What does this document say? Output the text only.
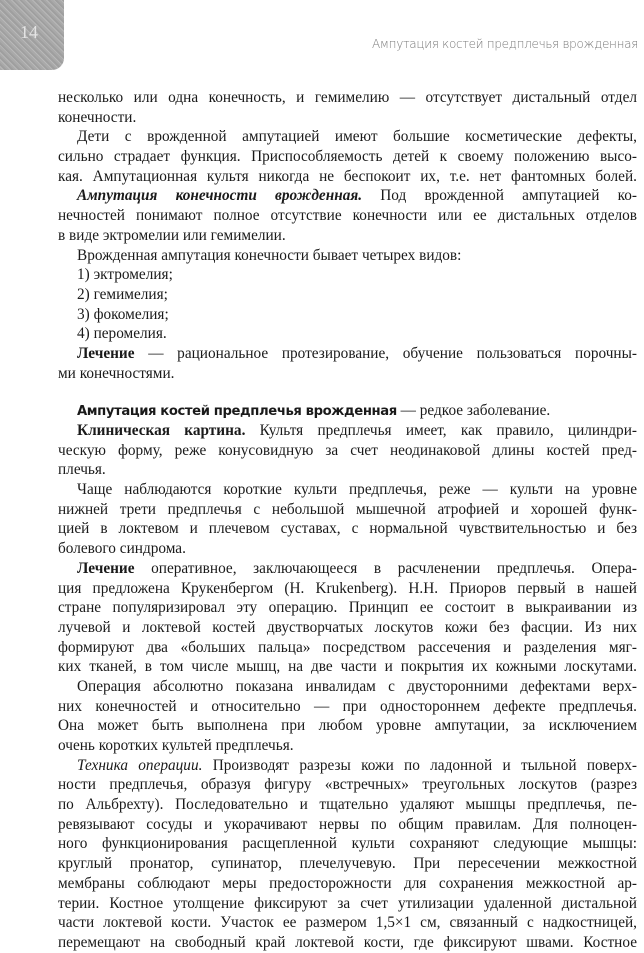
14
Ампутация костей предплечья врожденная
несколько или одна конечность, и гемимелию — отсутствует дистальный отдел
конечности.
Дети с врожденной ампутацией имеют большие косметические дефекты,
сильно страдает функция. Приспособляемость детей к своему положению высо-
кая. Ампутационная культя никогда не беспокоит их, т.е. нет фантомных болей.
Ампутация конечности врожденная. Под врожденной ампутацией ко-
нечностей понимают полное отсутствие конечности или ее дистальных отделов
в виде эктромелии или гемимелии.
Врожденная ампутация конечности бывает четырех видов:
1) эктромелия;
2) гемимелия;
3) фокомелия;
4) перомелия.
Лечение — рациональное протезирование, обучение пользоваться порочны-
ми конечностями.
Ампутация костей предплечья врожденная — редкое заболевание.
Клиническая картина. Культя предплечья имеет, как правило, цилиндри-
ческую форму, реже конусовидную за счет неодинаковой длины костей пред-
плечья.
Чаще наблюдаются короткие культи предплечья, реже — культи на уровне
нижней трети предплечья с небольшой мышечной атрофией и хорошей функ-
цией в локтевом и плечевом суставах, с нормальной чувствительностью и без
болевого синдрома.
Лечение оперативное, заключающееся в расчленении предплечья. Опера-
ция предложена Крукенбергом (H. Krukenberg). Н.Н. Приоров первый в нашей
стране популяризировал эту операцию. Принцип ее состоит в выкраивании из
лучевой и локтевой костей двустворчатых лоскутов кожи без фасции. Из них
формируют два «больших пальца» посредством рассечения и разделения мяг-
ких тканей, в том числе мышц, на две части и покрытия их кожными лоскутами.
Операция абсолютно показана инвалидам с двусторонними дефектами верх-
них конечностей и относительно — при одностороннем дефекте предплечья.
Она может быть выполнена при любом уровне ампутации, за исключением
очень коротких культей предплечья.
Техника операции. Производят разрезы кожи по ладонной и тыльной поверх-
ности предплечья, образуя фигуру «встречных» треугольных лоскутов (разрез
по Альбрехту). Последовательно и тщательно удаляют мышцы предплечья, пе-
ревязывают сосуды и укорачивают нервы по общим правилам. Для полноцен-
ного функционирования расщепленной культи сохраняют следующие мышцы:
круглый пронатор, супинатор, плечелучевую. При пересечении межкостной
мембраны соблюдают меры предосторожности для сохранения межкостной ар-
терии. Костное утолщение фиксируют за счет утилизации удаленной дистальной
части локтевой кости. Участок ее размером 1,5×1 см, связанный с надкостницей,
перемещают на свободный край локтевой кости, где фиксируют швами. Костное
